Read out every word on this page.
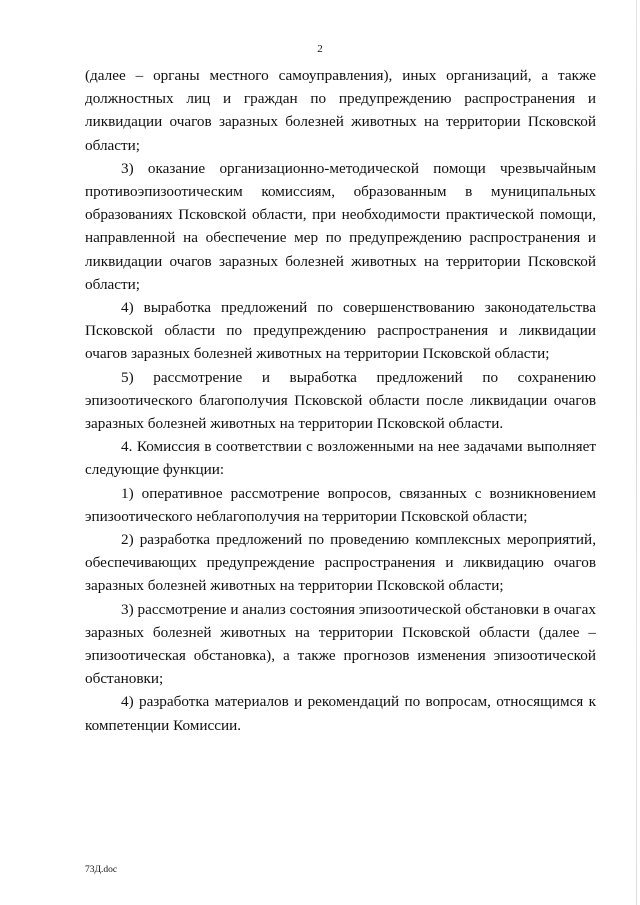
2

(далее – органы местного самоуправления), иных организаций, а также должностных лиц и граждан по предупреждению распространения и ликвидации очагов заразных болезней животных на территории Псковской области;

3) оказание организационно-методической помощи чрезвычайным противоэпизоотическим комиссиям, образованным в муниципальных образованиях Псковской области, при необходимости практической помощи, направленной на обеспечение мер по предупреждению распространения и ликвидации очагов заразных болезней животных на территории Псковской области;

4) выработка предложений по совершенствованию законодательства Псковской области по предупреждению распространения и ликвидации очагов заразных болезней животных на территории Псковской области;

5) рассмотрение и выработка предложений по сохранению эпизоотического благополучия Псковской области после ликвидации очагов заразных болезней животных на территории Псковской области.

4. Комиссия в соответствии с возложенными на нее задачами выполняет следующие функции:

1) оперативное рассмотрение вопросов, связанных с возникновением эпизоотического неблагополучия на территории Псковской области;

2) разработка предложений по проведению комплексных мероприятий, обеспечивающих предупреждение распространения и ликвидацию очагов заразных болезней животных на территории Псковской области;

3) рассмотрение и анализ состояния эпизоотической обстановки в очагах заразных болезней животных на территории Псковской области (далее – эпизоотическая обстановка), а также прогнозов изменения эпизоотической обстановки;

4) разработка материалов и рекомендаций по вопросам, относящимся к компетенции Комиссии.

73Д.doc
